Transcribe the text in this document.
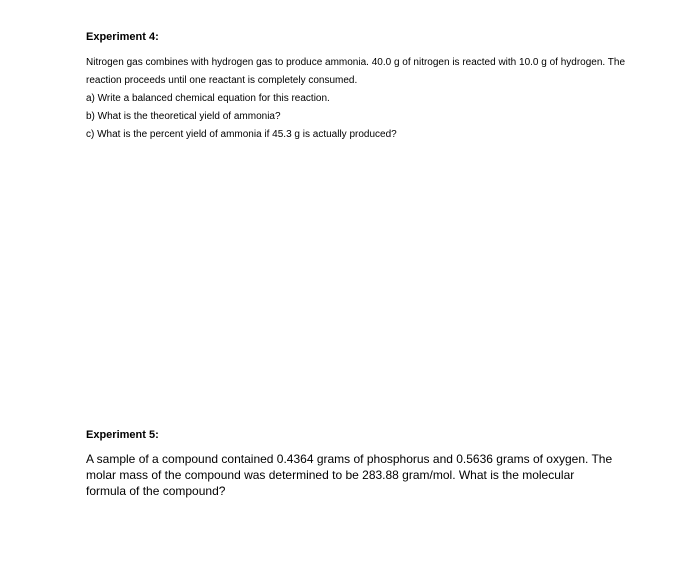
Experiment 4:

Nitrogen gas combines with hydrogen gas to produce ammonia. 40.0 g of nitrogen is reacted with 10.0 g of hydrogen. The reaction proceeds until one reactant is completely consumed.
a) Write a balanced chemical equation for this reaction.
b) What is the theoretical yield of ammonia?
c) What is the percent yield of ammonia if 45.3 g is actually produced?

Experiment 5:

A sample of a compound contained 0.4364 grams of phosphorus and 0.5636 grams of oxygen. The molar mass of the compound was determined to be 283.88 gram/mol. What is the molecular formula of the compound?
